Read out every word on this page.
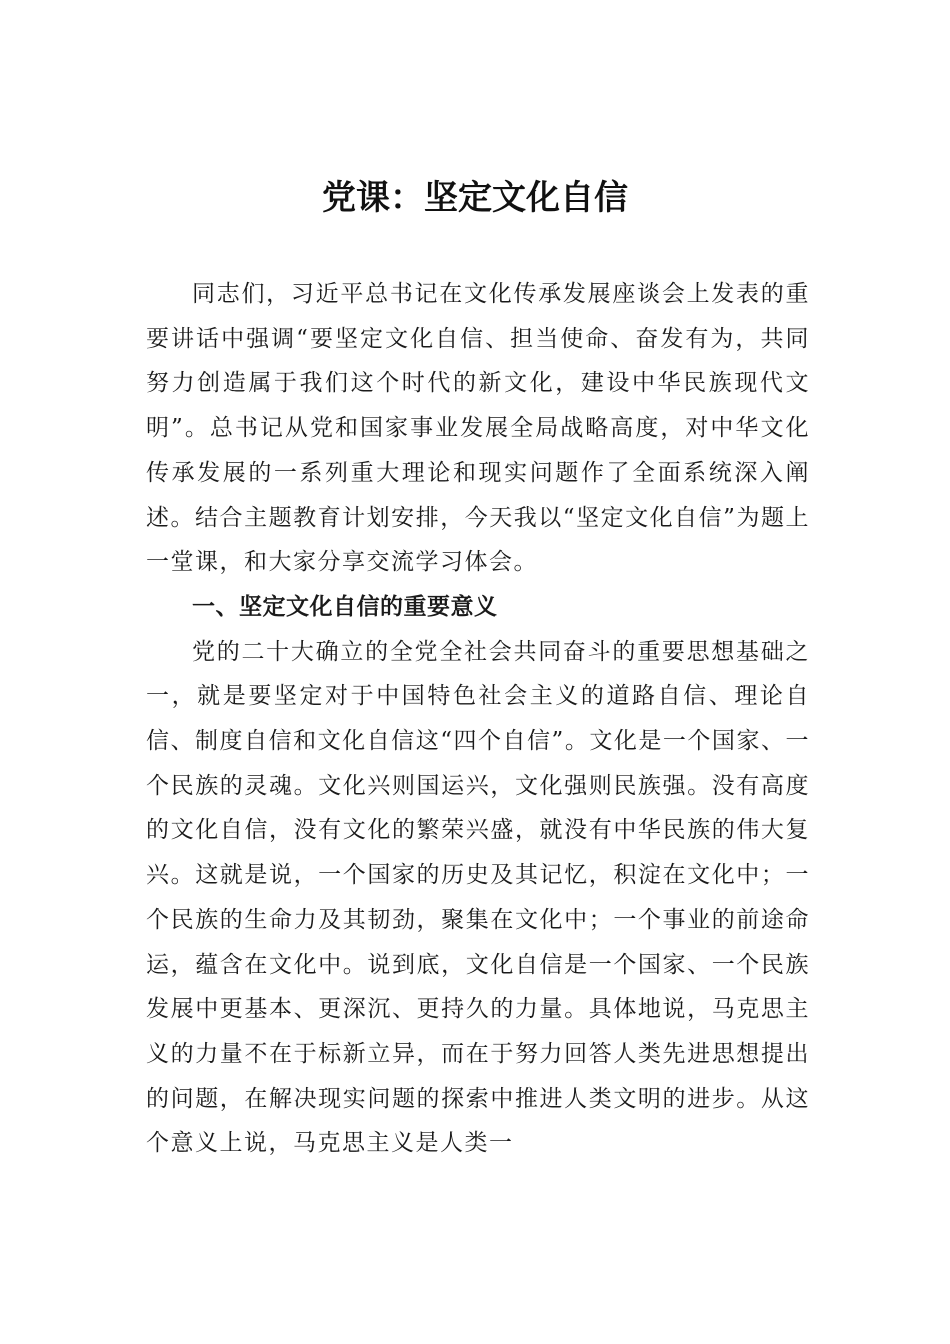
党课：坚定文化自信

同志们，习近平总书记在文化传承发展座谈会上发表的重要讲话中强调“要坚定文化自信、担当使命、奋发有为，共同努力创造属于我们这个时代的新文化，建设中华民族现代文明”。总书记从党和国家事业发展全局战略高度，对中华文化传承发展的一系列重大理论和现实问题作了全面系统深入阐述。结合主题教育计划安排，今天我以“坚定文化自信”为题上一堂课，和大家分享交流学习体会。

一、坚定文化自信的重要意义

党的二十大确立的全党全社会共同奋斗的重要思想基础之一，就是要坚定对于中国特色社会主义的道路自信、理论自信、制度自信和文化自信这“四个自信”。文化是一个国家、一个民族的灵魂。文化兴则国运兴，文化强则民族强。没有高度的文化自信，没有文化的繁荣兴盛，就没有中华民族的伟大复兴。这就是说，一个国家的历史及其记忆，积淀在文化中；一个民族的生命力及其韧劲，聚集在文化中；一个事业的前途命运，蕴含在文化中。说到底，文化自信是一个国家、一个民族发展中更基本、更深沉、更持久的力量。具体地说，马克思主义的力量不在于标新立异，而在于努力回答人类先进思想提出的问题，在解决现实问题的探索中推进人类文明的进步。从这个意义上说，马克思主义是人类一
